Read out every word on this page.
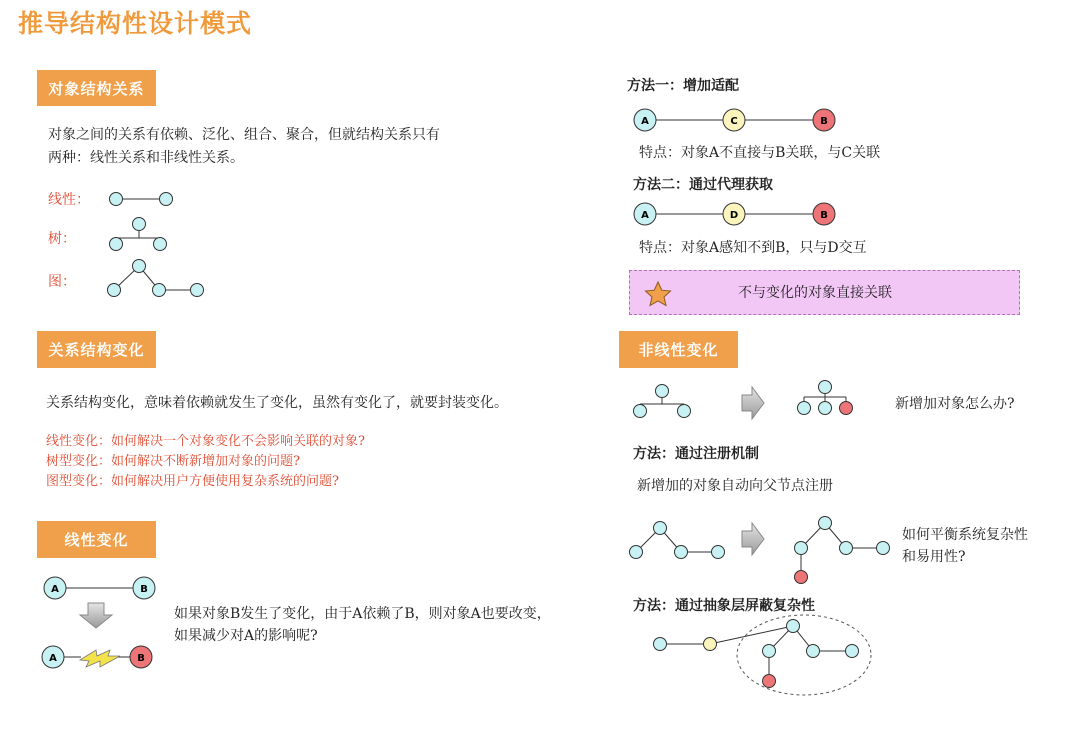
推导结构性设计模式
对象结构关系
关系结构变化
线性变化
非线性变化
对象之间的关系有依赖、泛化、组合、聚合，但就结构关系只有
两种：线性关系和非线性关系。
线性：
树：
图：
关系结构变化，意味着依赖就发生了变化，虽然有变化了，就要封装变化。
线性变化：如何解决一个对象变化不会影响关联的对象?
树型变化：如何解决不断新增加对象的问题?
图型变化：如何解决用户方便使用复杂系统的问题?
如果对象B发生了变化，由于A依赖了B，则对象A也要改变，
如果减少对A的影响呢?
方法一：增加适配
特点：对象A不直接与B关联，与C关联
方法二：通过代理获取
特点：对象A感知不到B，只与D交互
不与变化的对象直接关联
新增加对象怎么办?
方法：通过注册机制
新增加的对象自动向父节点注册
如何平衡系统复杂性
和易用性?
方法：通过抽象层屏蔽复杂性
A	B
A	B
A	C	B
A	D	B
